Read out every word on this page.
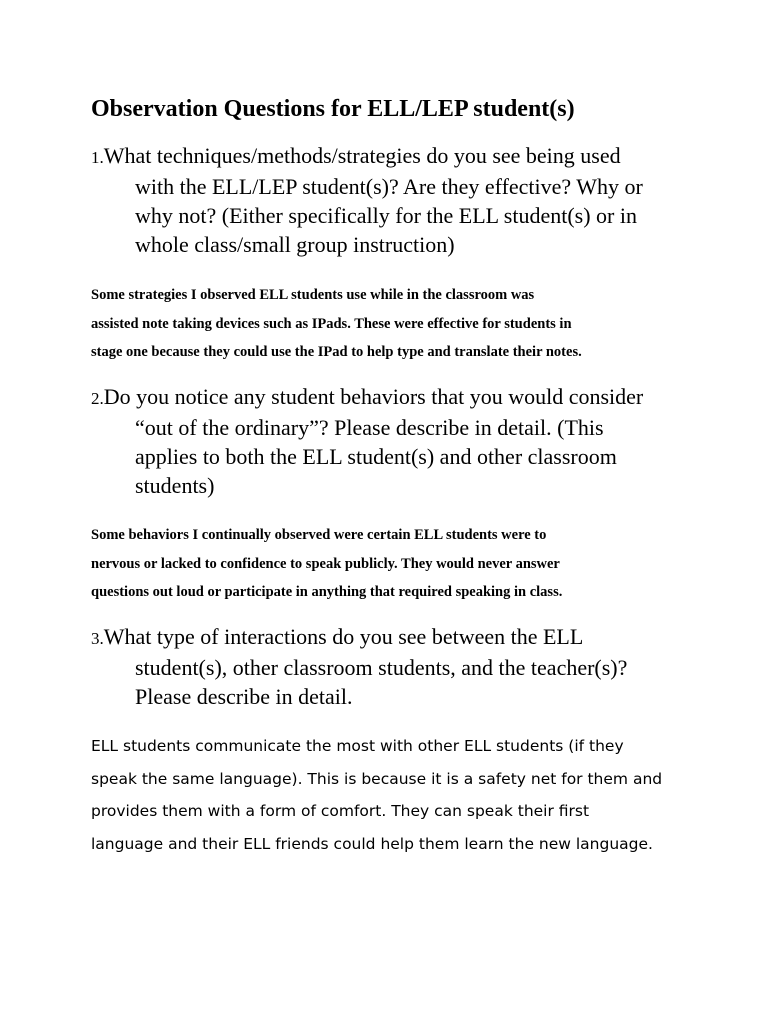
Observation Questions for ELL/LEP student(s)
1.What techniques/methods/strategies do you see being used
with the ELL/LEP student(s)? Are they effective? Why or
why not? (Either specifically for the ELL student(s) or in
whole class/small group instruction)
Some strategies I observed ELL students use while in the classroom was
assisted note taking devices such as IPads. These were effective for students in
stage one because they could use the IPad to help type and translate their notes.
2.Do you notice any student behaviors that you would consider
“out of the ordinary”? Please describe in detail. (This
applies to both the ELL student(s) and other classroom
students)
Some behaviors I continually observed were certain ELL students were to
nervous or lacked to confidence to speak publicly. They would never answer
questions out loud or participate in anything that required speaking in class.
3.What type of interactions do you see between the ELL
student(s), other classroom students, and the teacher(s)?
Please describe in detail.
ELL students communicate the most with other ELL students (if they
speak the same language). This is because it is a safety net for them and
provides them with a form of comfort. They can speak their first
language and their ELL friends could help them learn the new language.
